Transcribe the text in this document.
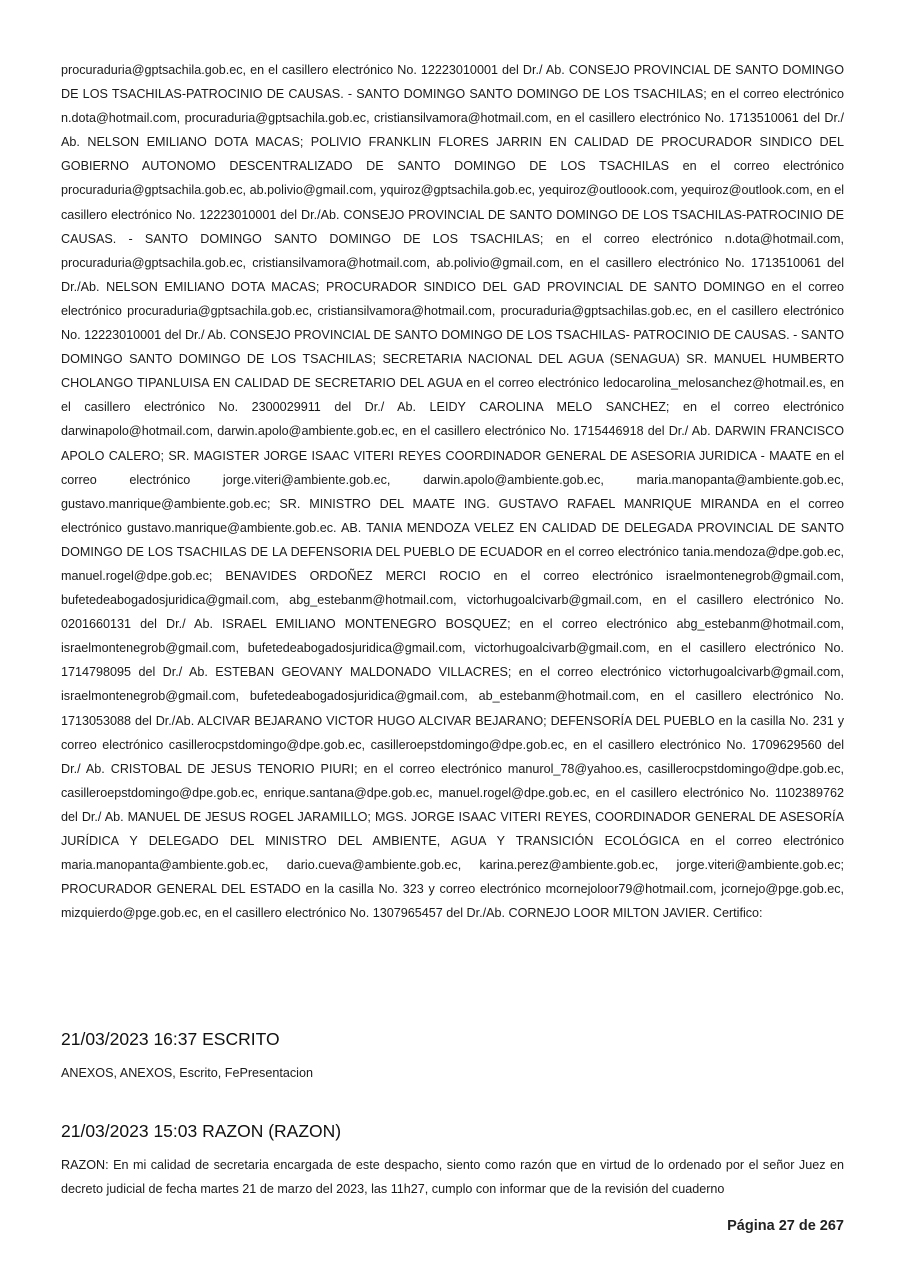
procuraduria@gptsachila.gob.ec, en el casillero electrónico No. 12223010001 del Dr./ Ab. CONSEJO PROVINCIAL DE SANTO DOMINGO DE LOS TSACHILAS-PATROCINIO DE CAUSAS. - SANTO DOMINGO SANTO DOMINGO DE LOS TSACHILAS; en el correo electrónico n.dota@hotmail.com, procuraduria@gptsachila.gob.ec, cristiansilvamora@hotmail.com, en el casillero electrónico No. 1713510061 del Dr./ Ab. NELSON EMILIANO DOTA MACAS; POLIVIO FRANKLIN FLORES JARRIN EN CALIDAD DE PROCURADOR SINDICO DEL GOBIERNO AUTONOMO DESCENTRALIZADO DE SANTO DOMINGO DE LOS TSACHILAS en el correo electrónico procuraduria@gptsachila.gob.ec, ab.polivio@gmail.com, yquiroz@gptsachila.gob.ec, yequiroz@outloook.com, yequiroz@outlook.com, en el casillero electrónico No. 12223010001 del Dr./Ab. CONSEJO PROVINCIAL DE SANTO DOMINGO DE LOS TSACHILAS-PATROCINIO DE CAUSAS. - SANTO DOMINGO SANTO DOMINGO DE LOS TSACHILAS; en el correo electrónico n.dota@hotmail.com, procuraduria@gptsachila.gob.ec, cristiansilvamora@hotmail.com, ab.polivio@gmail.com, en el casillero electrónico No. 1713510061 del Dr./Ab. NELSON EMILIANO DOTA MACAS; PROCURADOR SINDICO DEL GAD PROVINCIAL DE SANTO DOMINGO en el correo electrónico procuraduria@gptsachila.gob.ec, cristiansilvamora@hotmail.com, procuraduria@gptsachilas.gob.ec, en el casillero electrónico No. 12223010001 del Dr./ Ab. CONSEJO PROVINCIAL DE SANTO DOMINGO DE LOS TSACHILAS- PATROCINIO DE CAUSAS. - SANTO DOMINGO SANTO DOMINGO DE LOS TSACHILAS; SECRETARIA NACIONAL DEL AGUA (SENAGUA) SR. MANUEL HUMBERTO CHOLANGO TIPANLUISA EN CALIDAD DE SECRETARIO DEL AGUA en el correo electrónico ledocarolina_melosanchez@hotmail.es, en el casillero electrónico No. 2300029911 del Dr./ Ab. LEIDY CAROLINA MELO SANCHEZ; en el correo electrónico darwinapolo@hotmail.com, darwin.apolo@ambiente.gob.ec, en el casillero electrónico No. 1715446918 del Dr./ Ab. DARWIN FRANCISCO APOLO CALERO; SR. MAGISTER JORGE ISAAC VITERI REYES COORDINADOR GENERAL DE ASESORIA JURIDICA - MAATE en el correo electrónico jorge.viteri@ambiente.gob.ec, darwin.apolo@ambiente.gob.ec, maria.manopanta@ambiente.gob.ec, gustavo.manrique@ambiente.gob.ec; SR. MINISTRO DEL MAATE ING. GUSTAVO RAFAEL MANRIQUE MIRANDA en el correo electrónico gustavo.manrique@ambiente.gob.ec. AB. TANIA MENDOZA VELEZ EN CALIDAD DE DELEGADA PROVINCIAL DE SANTO DOMINGO DE LOS TSACHILAS DE LA DEFENSORIA DEL PUEBLO DE ECUADOR en el correo electrónico tania.mendoza@dpe.gob.ec, manuel.rogel@dpe.gob.ec; BENAVIDES ORDOÑEZ MERCI ROCIO en el correo electrónico israelmontenegrob@gmail.com, bufetedeabogadosjuridica@gmail.com, abg_estebanm@hotmail.com, victorhugoalcivarb@gmail.com, en el casillero electrónico No. 0201660131 del Dr./ Ab. ISRAEL EMILIANO MONTENEGRO BOSQUEZ; en el correo electrónico abg_estebanm@hotmail.com, israelmontenegrob@gmail.com, bufetedeabogadosjuridica@gmail.com, victorhugoalcivarb@gmail.com, en el casillero electrónico No. 1714798095 del Dr./ Ab. ESTEBAN GEOVANY MALDONADO VILLACRES; en el correo electrónico victorhugoalcivarb@gmail.com, israelmontenegrob@gmail.com, bufetedeabogadosjuridica@gmail.com, ab_estebanm@hotmail.com, en el casillero electrónico No. 1713053088 del Dr./Ab. ALCIVAR BEJARANO VICTOR HUGO ALCIVAR BEJARANO; DEFENSORÍA DEL PUEBLO en la casilla No. 231 y correo electrónico casillerocpstdomingo@dpe.gob.ec, casilleroepstdomingo@dpe.gob.ec, en el casillero electrónico No. 1709629560 del Dr./ Ab. CRISTOBAL DE JESUS TENORIO PIURI; en el correo electrónico manurol_78@yahoo.es, casillerocpstdomingo@dpe.gob.ec, casilleroepstdomingo@dpe.gob.ec, enrique.santana@dpe.gob.ec, manuel.rogel@dpe.gob.ec, en el casillero electrónico No. 1102389762 del Dr./ Ab. MANUEL DE JESUS ROGEL JARAMILLO; MGS. JORGE ISAAC VITERI REYES, COORDINADOR GENERAL DE ASESORÍA JURÍDICA Y DELEGADO DEL MINISTRO DEL AMBIENTE, AGUA Y TRANSICIÓN ECOLÓGICA en el correo electrónico maria.manopanta@ambiente.gob.ec, dario.cueva@ambiente.gob.ec, karina.perez@ambiente.gob.ec, jorge.viteri@ambiente.gob.ec; PROCURADOR GENERAL DEL ESTADO en la casilla No. 323 y correo electrónico mcornejoloor79@hotmail.com, jcornejo@pge.gob.ec, mizquierdo@pge.gob.ec, en el casillero electrónico No. 1307965457 del Dr./Ab. CORNEJO LOOR MILTON JAVIER. Certifico:

21/03/2023 16:37 ESCRITO

ANEXOS, ANEXOS, Escrito, FePresentacion

21/03/2023 15:03 RAZON (RAZON)

RAZON: En mi calidad de secretaria encargada de este despacho, siento como razón que en virtud de lo ordenado por el señor Juez en decreto judicial de fecha martes 21 de marzo del 2023, las 11h27, cumplo con informar que de la revisión del cuaderno

Página 27 de 267
